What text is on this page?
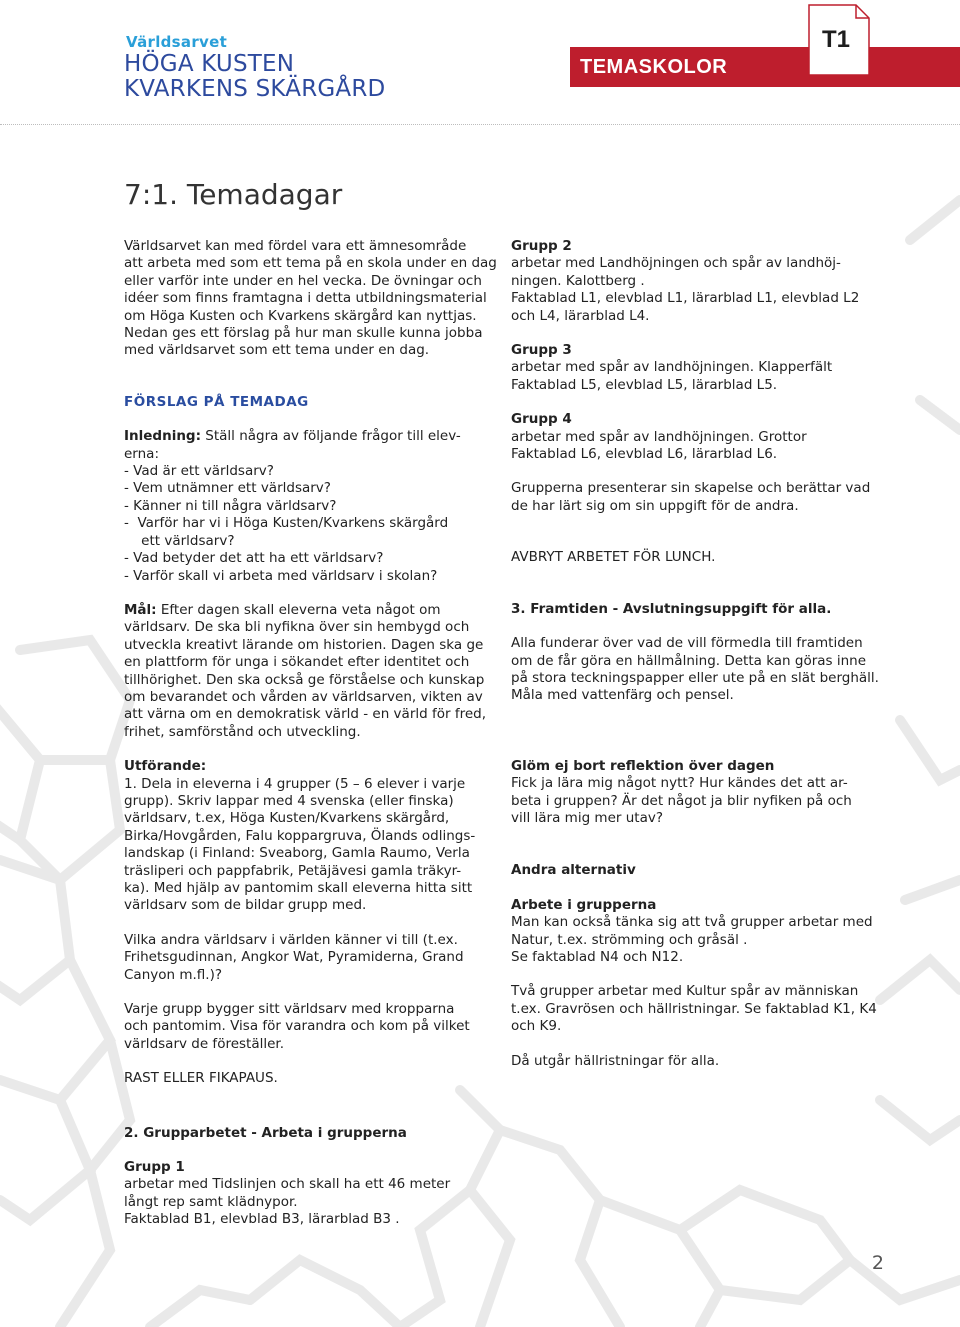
Världsarvet
HÖGA KUSTEN
KVARKENS SKÄRGÅRD
TEMASKOLOR
T1
7:1. Temadagar
Världsarvet kan med fördel vara ett ämnesområde
att arbeta med som ett tema på en skola under en dag
eller varför inte under en hel vecka. De övningar och
idéer som finns framtagna i detta utbildningsmaterial
om Höga Kusten och Kvarkens skärgård kan nyttjas.
Nedan ges ett förslag på hur man skulle kunna jobba
med världsarvet som ett tema under en dag.
FÖRSLAG PÅ TEMADAG
Inledning: Ställ några av följande frågor till elev-
erna:
- Vad är ett världsarv?
- Vem utnämner ett världsarv?
- Känner ni till några världsarv?
-  Varför har vi i Höga Kusten/Kvarkens skärgård
ett världsarv?
- Vad betyder det att ha ett världsarv?
- Varför skall vi arbeta med världsarv i skolan?
Mål: Efter dagen skall eleverna veta något om
världsarv. De ska bli nyfikna över sin hembygd och
utveckla kreativt lärande om historien. Dagen ska ge
en plattform för unga i sökandet efter identitet och
tillhörighet. Den ska också ge förståelse och kunskap
om bevarandet och vården av världsarven, vikten av
att värna om en demokratisk värld - en värld för fred,
frihet, samförstånd och utveckling.
Utförande:
1. Dela in eleverna i 4 grupper (5 – 6 elever i varje
grupp). Skriv lappar med 4 svenska (eller finska)
världsarv, t.ex, Höga Kusten/Kvarkens skärgård,
Birka/Hovgården, Falu koppargruva, Ölands odlings-
landskap (i Finland: Sveaborg, Gamla Raumo, Verla
träsliperi och pappfabrik, Petäjävesi gamla träkyr-
ka). Med hjälp av pantomim skall eleverna hitta sitt
världsarv som de bildar grupp med.
Vilka andra världsarv i världen känner vi till (t.ex.
Frihetsgudinnan, Angkor Wat, Pyramiderna, Grand
Canyon m.fl.)?
Varje grupp bygger sitt världsarv med kropparna
och pantomim. Visa för varandra och kom på vilket
världsarv de föreställer.
RAST ELLER FIKAPAUS.
2. Grupparbetet - Arbeta i grupperna
Grupp 1
arbetar med Tidslinjen och skall ha ett 46 meter
långt rep samt klädnypor.
Faktablad B1, elevblad B3, lärarblad B3 .
Grupp 2
arbetar med Landhöjningen och spår av landhöj-
ningen. Kalottberg .
Faktablad L1, elevblad L1, lärarblad L1, elevblad L2
och L4, lärarblad L4.
Grupp 3
arbetar med spår av landhöjningen. Klapperfält
Faktablad L5, elevblad L5, lärarblad L5.
Grupp 4
arbetar med spår av landhöjningen. Grottor
Faktablad L6, elevblad L6, lärarblad L6.
Grupperna presenterar sin skapelse och berättar vad
de har lärt sig om sin uppgift för de andra.
AVBRYT ARBETET FÖR LUNCH.
3. Framtiden - Avslutningsuppgift för alla.
Alla funderar över vad de vill förmedla till framtiden
om de får göra en hällmålning. Detta kan göras inne
på stora teckningspapper eller ute på en slät berghäll.
Måla med vattenfärg och pensel.
Glöm ej bort reflektion över dagen
Fick ja lära mig något nytt? Hur kändes det att ar-
beta i gruppen? Är det något ja blir nyfiken på och
vill lära mig mer utav?
Andra alternativ
Arbete i grupperna
Man kan också tänka sig att två grupper arbetar med
Natur, t.ex. strömming och gråsäl .
Se faktablad N4 och N12.
Två grupper arbetar med Kultur spår av människan
t.ex. Gravrösen och hällristningar. Se faktablad K1, K4
och K9.
Då utgår hällristningar för alla.
2
